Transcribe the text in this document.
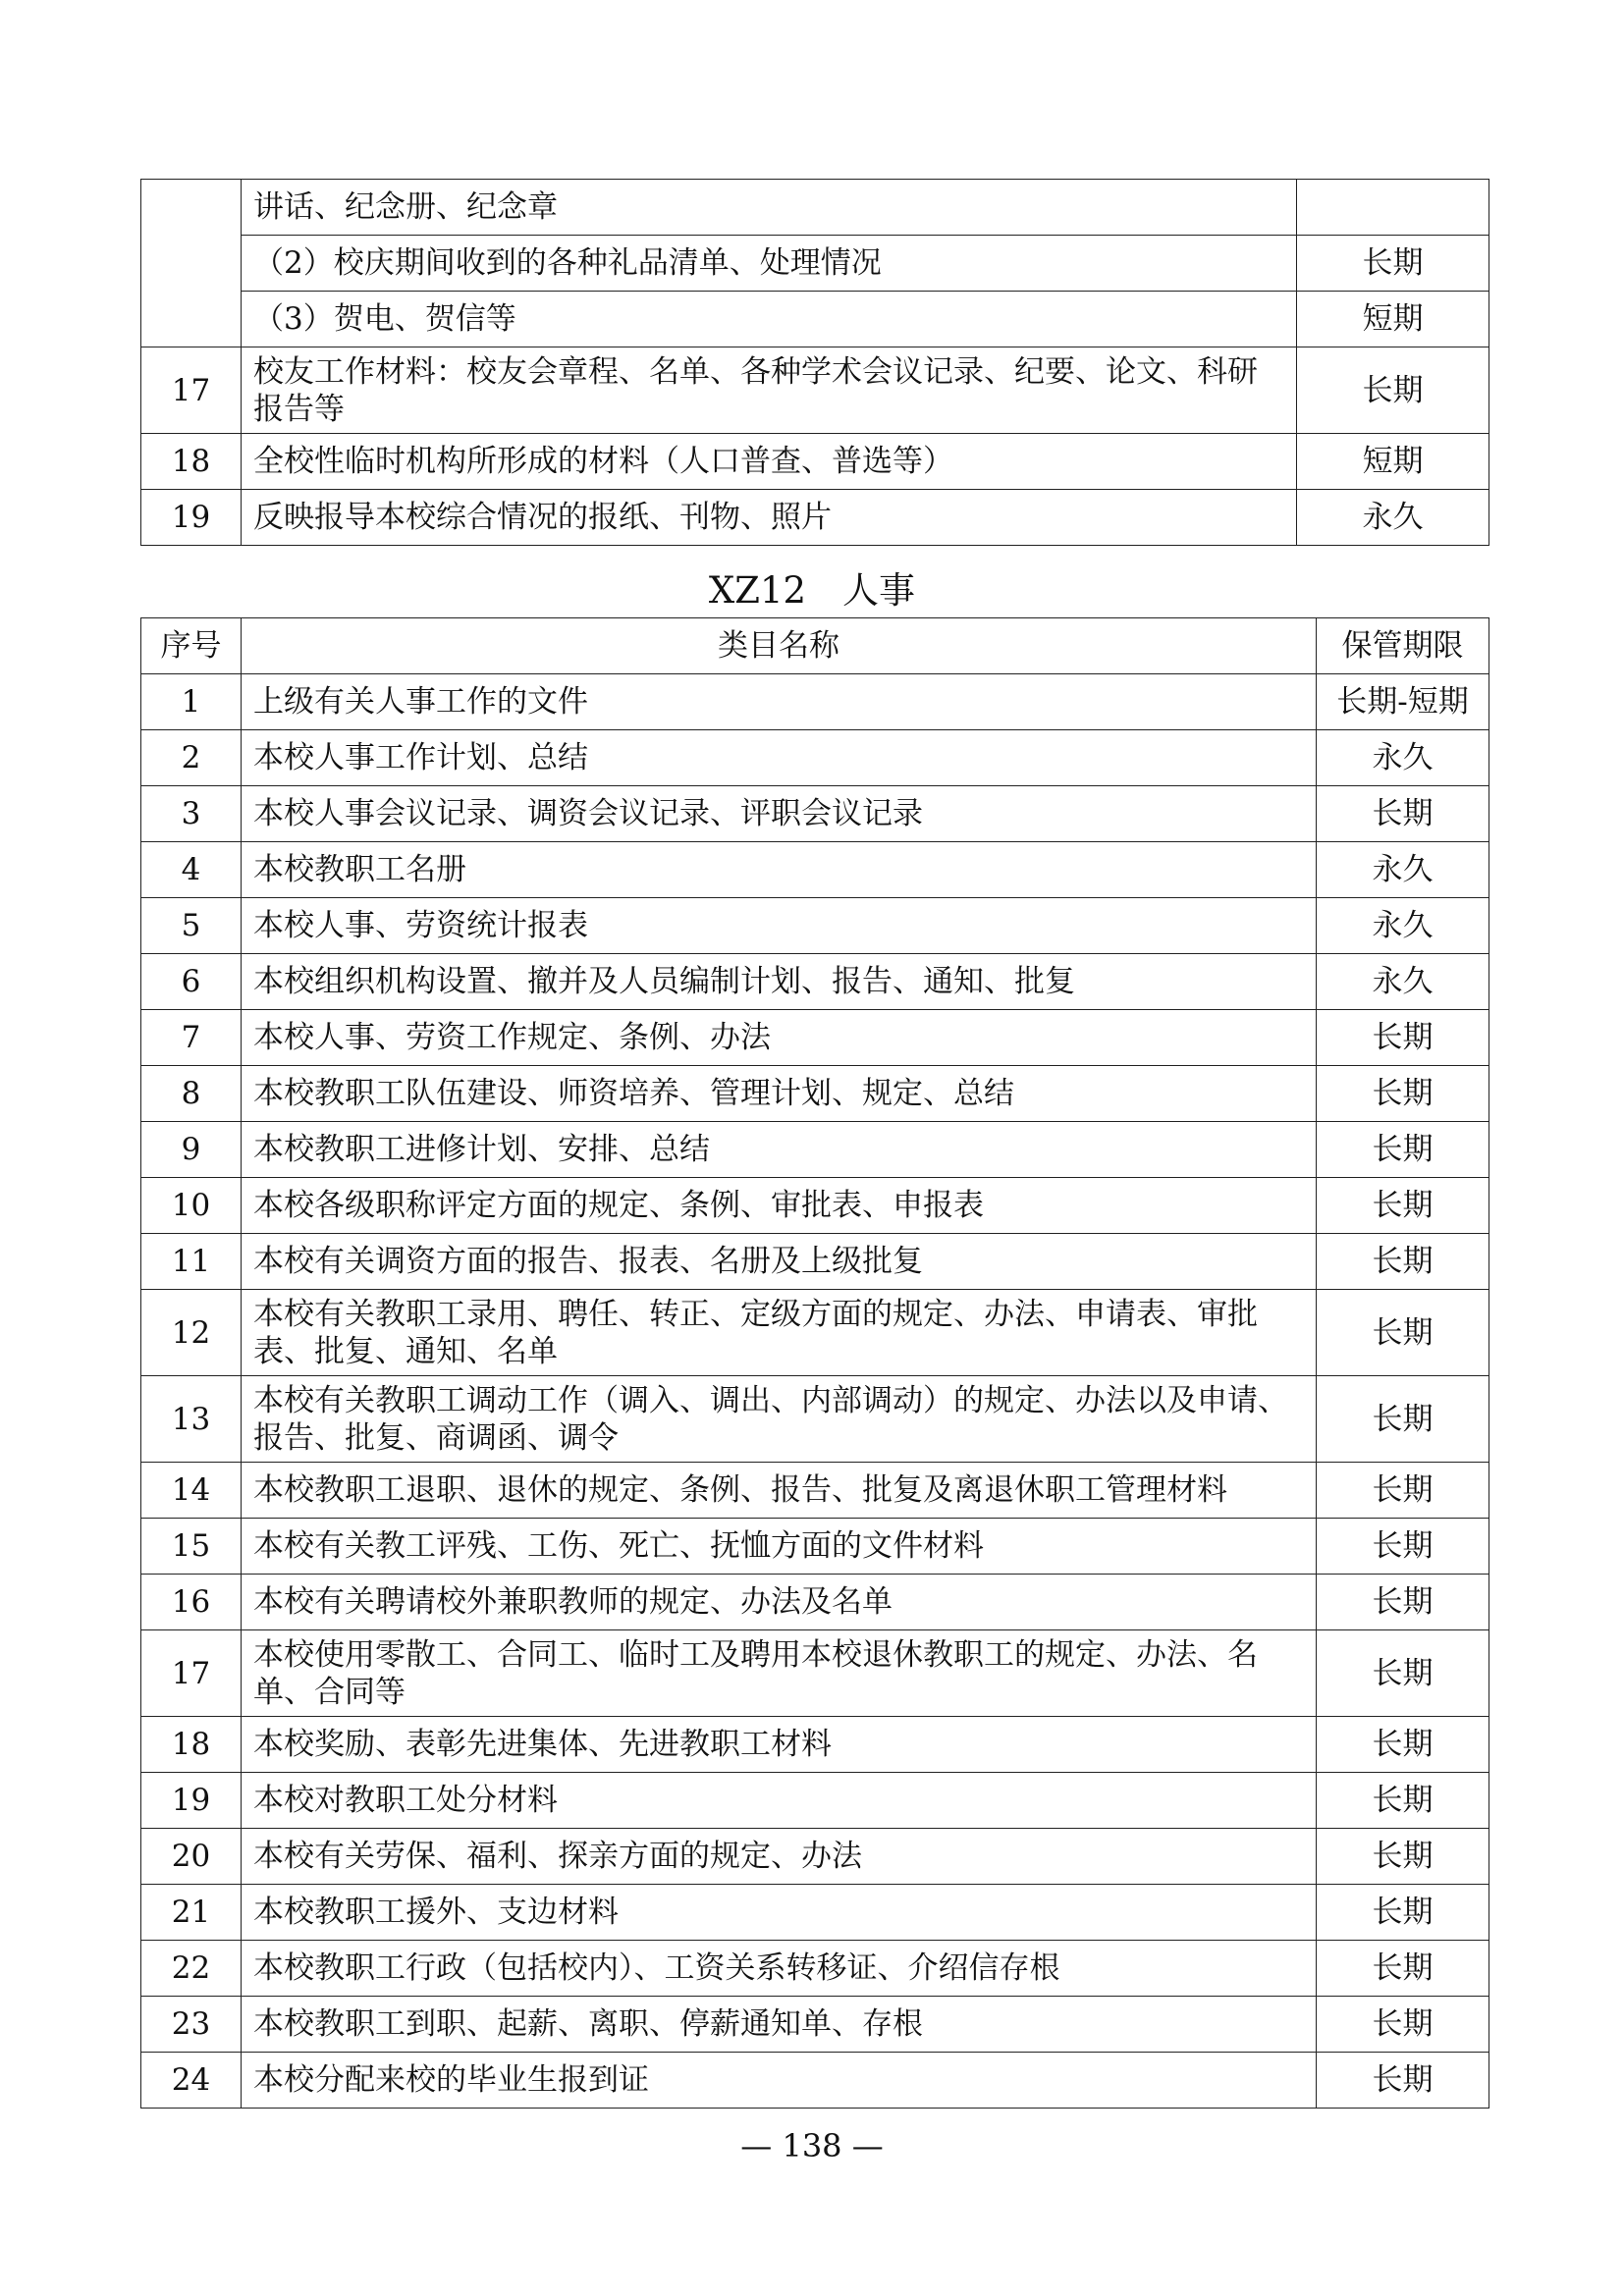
	讲话、纪念册、纪念章	
	（2）校庆期间收到的各种礼品清单、处理情况	长期
	（3）贺电、贺信等	短期
17	校友工作材料：校友会章程、名单、各种学术会议记录、纪要、论文、科研报告等	长期
18	全校性临时机构所形成的材料（人口普查、普选等）	短期
19	反映报导本校综合情况的报纸、刊物、照片	永久
XZ12　人事
序号	类目名称	保管期限
1	上级有关人事工作的文件	长期-短期
2	本校人事工作计划、总结	永久
3	本校人事会议记录、调资会议记录、评职会议记录	长期
4	本校教职工名册	永久
5	本校人事、劳资统计报表	永久
6	本校组织机构设置、撤并及人员编制计划、报告、通知、批复	永久
7	本校人事、劳资工作规定、条例、办法	长期
8	本校教职工队伍建设、师资培养、管理计划、规定、总结	长期
9	本校教职工进修计划、安排、总结	长期
10	本校各级职称评定方面的规定、条例、审批表、申报表	长期
11	本校有关调资方面的报告、报表、名册及上级批复	长期
12	本校有关教职工录用、聘任、转正、定级方面的规定、办法、申请表、审批表、批复、通知、名单	长期
13	本校有关教职工调动工作（调入、调出、内部调动）的规定、办法以及申请、报告、批复、商调函、调令	长期
14	本校教职工退职、退休的规定、条例、报告、批复及离退休职工管理材料	长期
15	本校有关教工评残、工伤、死亡、抚恤方面的文件材料	长期
16	本校有关聘请校外兼职教师的规定、办法及名单	长期
17	本校使用零散工、合同工、临时工及聘用本校退休教职工的规定、办法、名单、合同等	长期
18	本校奖励、表彰先进集体、先进教职工材料	长期
19	本校对教职工处分材料	长期
20	本校有关劳保、福利、探亲方面的规定、办法	长期
21	本校教职工援外、支边材料	长期
22	本校教职工行政（包括校内）、工资关系转移证、介绍信存根	长期
23	本校教职工到职、起薪、离职、停薪通知单、存根	长期
24	本校分配来校的毕业生报到证	长期
— 138 —
